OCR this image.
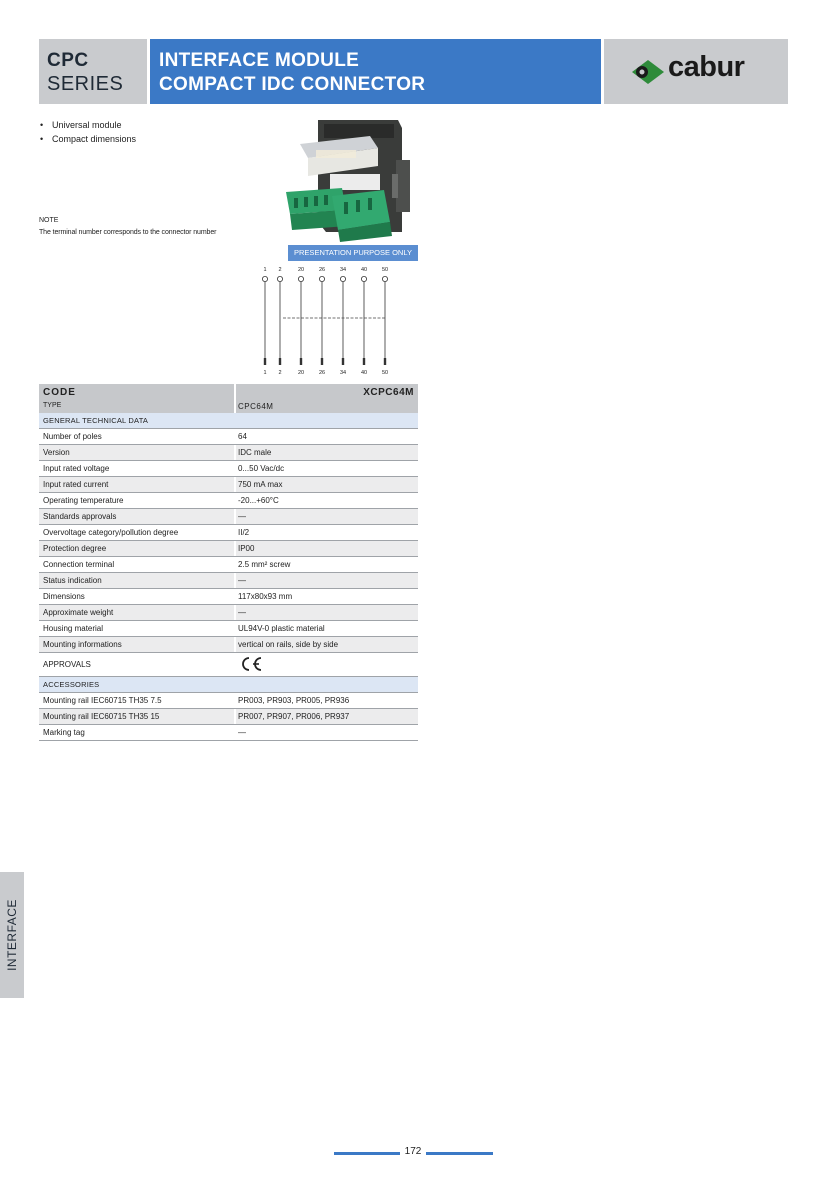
CPC
SERIES
INTERFACE MODULE
COMPACT IDC CONNECTOR
cabur
• Universal module
• Compact dimensions
NOTE
The terminal number corresponds to the connector number
PRESENTATION PURPOSE ONLY
1 2	20	26	34	40	50
1 2	20	26	34	40	50
CODE
TYPE
XCPC64M
CPC64M
GENERAL TECHNICAL DATA
Number of poles	64
Version	IDC male
Input rated voltage	0...50 Vac/dc
Input rated current	750 mA max
Operating temperature	-20...+60°C
Standards approvals	—
Overvoltage category/pollution degree	II/2
Protection degree	IP00
Connection terminal	2.5 mm² screw
Status indication	—
Dimensions	117x80x93 mm
Approximate weight	—
Housing material	UL94V-0 plastic material
Mounting informations	vertical on rails, side by side
APPROVALS
ACCESSORIES
Mounting rail IEC60715 TH35 7.5	PR003, PR903, PR005, PR936
Mounting rail IEC60715 TH35 15	PR007, PR907, PR006, PR937
Marking tag	—
INTERFACE
172
